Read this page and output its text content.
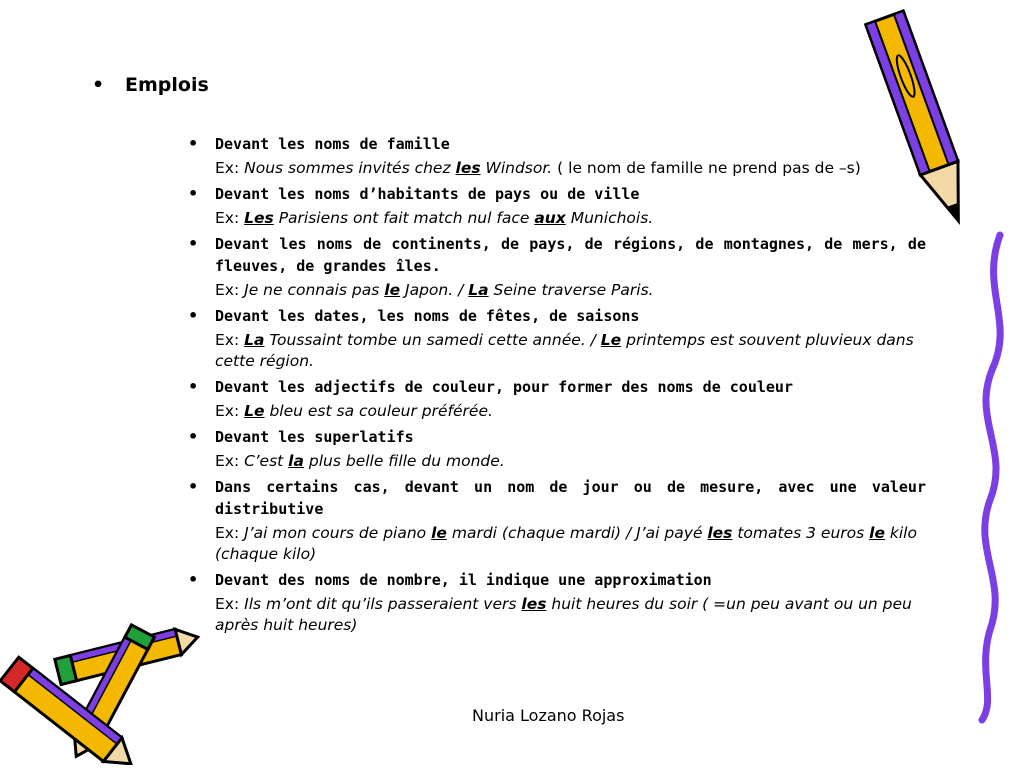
• Emplois
• Devant les noms de famille
Ex: Nous sommes invités chez les Windsor. ( le nom de famille ne prend pas de –s)
• Devant les noms d’habitants de pays ou de ville
Ex: Les Parisiens ont fait match nul face aux Munichois.
• Devant les noms de continents, de pays, de régions, de montagnes, de mers, de fleuves, de grandes îles.
Ex: Je ne connais pas le Japon. / La Seine traverse Paris.
• Devant les dates, les noms de fêtes, de saisons
Ex: La Toussaint tombe un samedi cette année. / Le printemps est souvent pluvieux dans cette région.
• Devant les adjectifs de couleur, pour former des noms de couleur
Ex: Le bleu est sa couleur préférée.
• Devant les superlatifs
Ex: C’est la plus belle fille du monde.
• Dans certains cas, devant un nom de jour ou de mesure, avec une valeur distributive
Ex: J’ai mon cours de piano le mardi (chaque mardi) / J’ai payé les tomates 3 euros le kilo (chaque kilo)
• Devant des noms de nombre, il indique une approximation
Ex: Ils m’ont dit qu’ils passeraient vers les huit heures du soir ( =un peu avant ou un peu après huit heures)
Nuria Lozano Rojas
